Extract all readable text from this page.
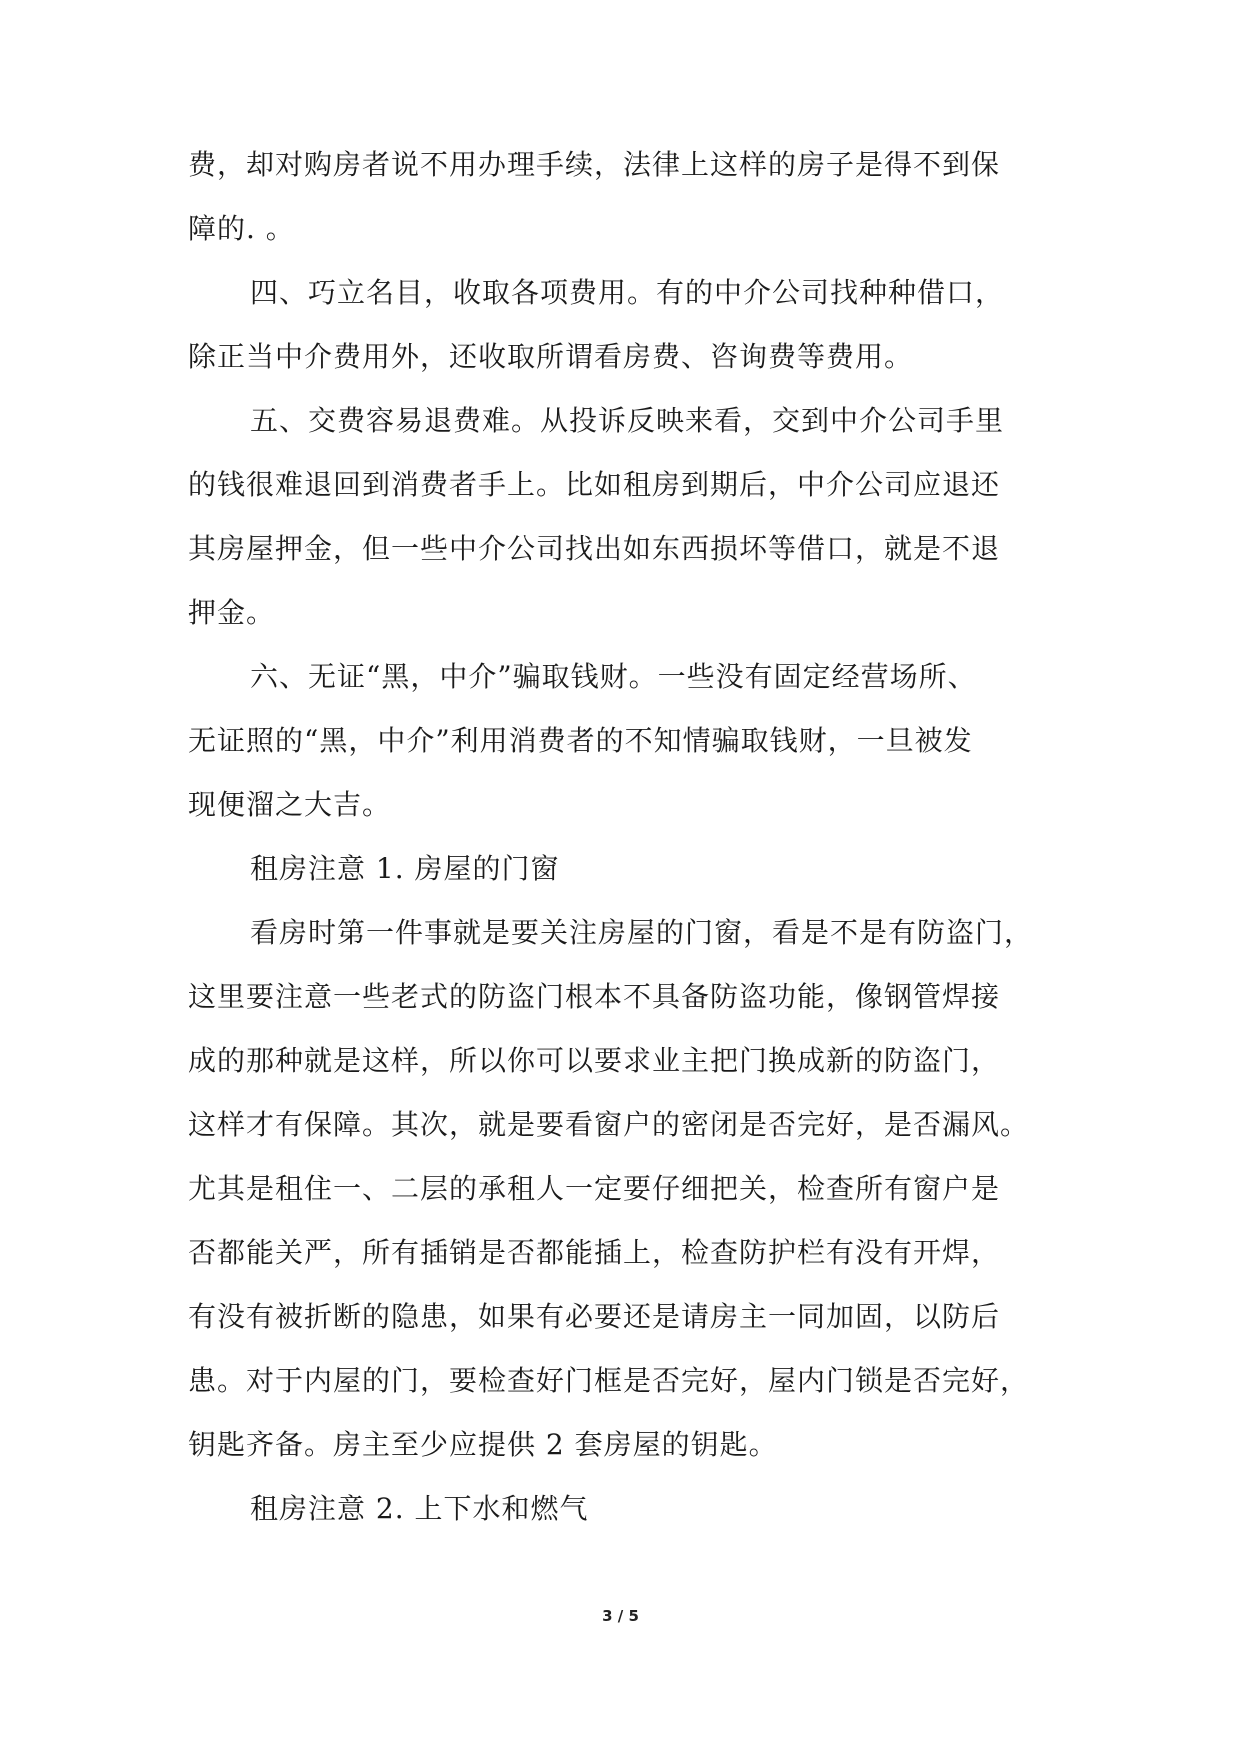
费，却对购房者说不用办理手续，法律上这样的房子是得不到保
障的. 。
四、巧立名目，收取各项费用。有的中介公司找种种借口，
除正当中介费用外，还收取所谓看房费、咨询费等费用。
五、交费容易退费难。从投诉反映来看，交到中介公司手里
的钱很难退回到消费者手上。比如租房到期后，中介公司应退还
其房屋押金，但一些中介公司找出如东西损坏等借口，就是不退
押金。
六、无证“黑，中介”骗取钱财。一些没有固定经营场所、
无证照的“黑，中介”利用消费者的不知情骗取钱财，一旦被发
现便溜之大吉。
租房注意 1. 房屋的门窗
看房时第一件事就是要关注房屋的门窗，看是不是有防盗门，
这里要注意一些老式的防盗门根本不具备防盗功能，像钢管焊接
成的那种就是这样，所以你可以要求业主把门换成新的防盗门，
这样才有保障。其次，就是要看窗户的密闭是否完好，是否漏风。
尤其是租住一、二层的承租人一定要仔细把关，检查所有窗户是
否都能关严，所有插销是否都能插上，检查防护栏有没有开焊，
有没有被折断的隐患，如果有必要还是请房主一同加固，以防后
患。对于内屋的门，要检查好门框是否完好，屋内门锁是否完好，
钥匙齐备。房主至少应提供 2 套房屋的钥匙。
租房注意 2. 上下水和燃气
3 / 5
